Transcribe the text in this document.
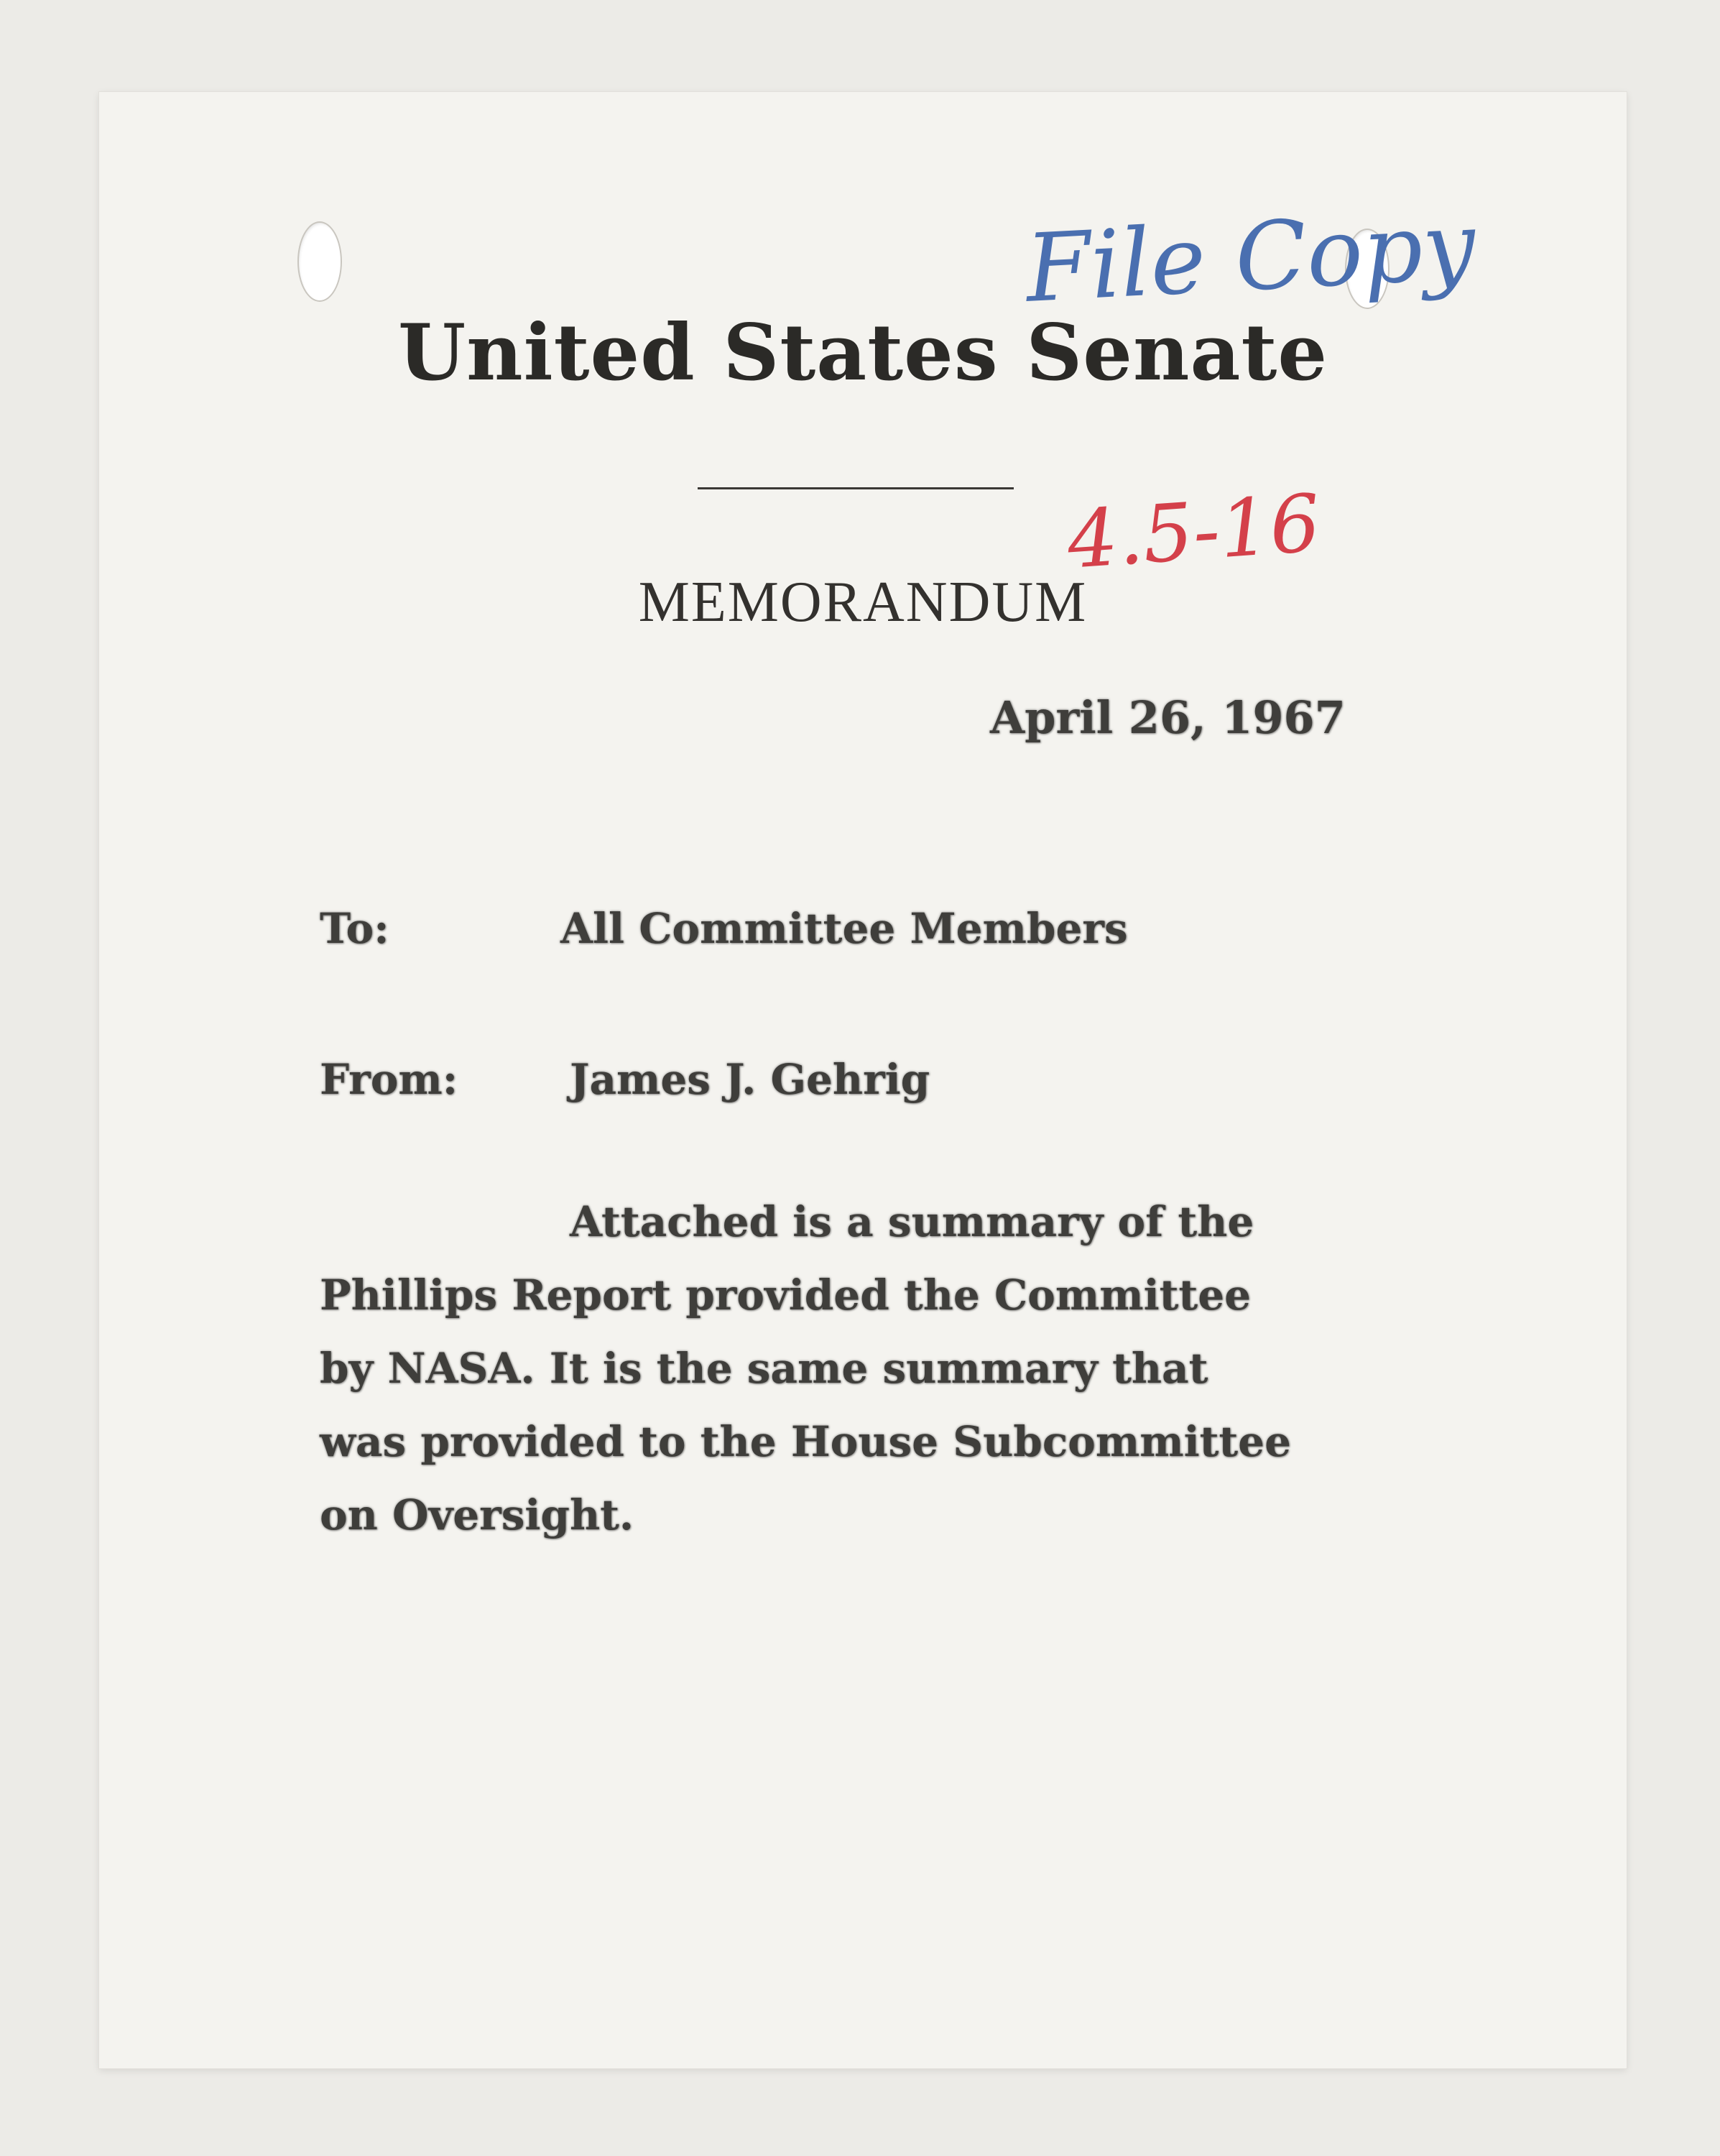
United States Senate
MEMORANDUM
File Copy
4.5-16
April 26, 1967
To:	All Committee Members
From:	James J. Gehrig
Attached is a summary of the
Phillips Report provided the Committee
by NASA. It is the same summary that
was provided to the House Subcommittee
on Oversight.
